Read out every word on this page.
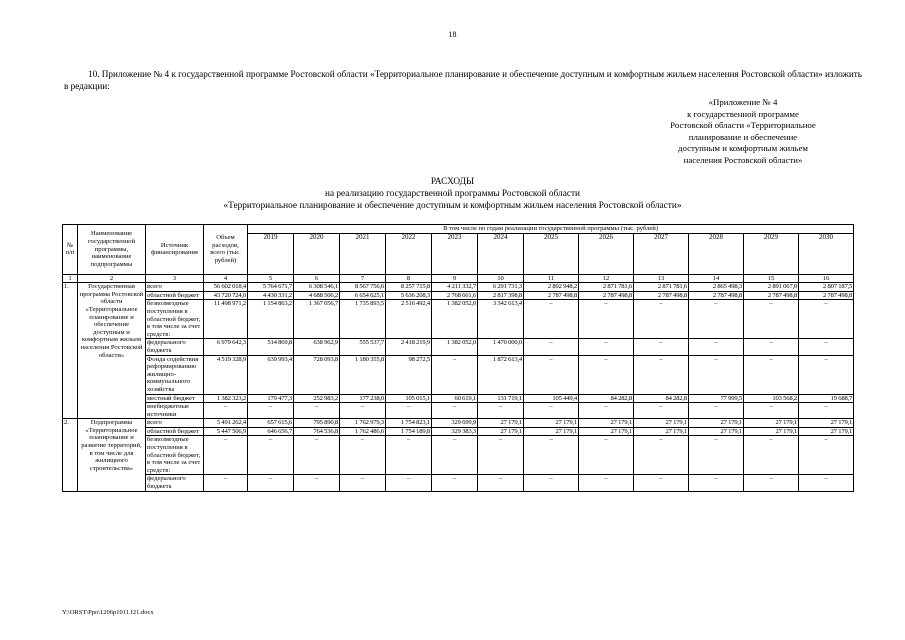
18
10. Приложение № 4 к государственной программе Ростовской области «Территориальное планирование и обеспечение доступным и комфортным жильем населения Ростовской области» изложить в редакции:
«Приложение № 4
к государственной программе
Ростовской области «Территориальное
планирование и обеспечение
доступным и комфортным жильем
населения Ростовской области»
РАСХОДЫ
на реализацию государственной программы Ростовской области
«Территориальное планирование и обеспечение доступным и комфортным жильем населения Ростовской области»
№ п/п	Наименование государственной программы, наименование подпрограммы	Источник финансирования	Объем расходов, всего (тыс. рублей)	В том числе по годам реализации государственной программы (тыс. рублей)											
				2019	2020	2021	2022	2023	2024	2025	2026	2027	2028	2029	2030
1	2	3	4	5	6	7	8	9	10	11	12	13	14	15	16
1.	Государственная программа Ростовской области «Территориальное планирование и обеспечение доступным и комфортным жильем населения Ростовской области»	всего	56 602 018,4	5 764 671,7	6 308 546,1	8 567 756,6	8 257 715,8	4 211 332,7	6 291 731,3	2 892 948,2	2 871 781,6	2 871 781,6	2 865 498,3	2 891 067,0	2 807 187,5
		областной бюджет	43 720 724,0	4 430 331,2	4 688 506,2	6 654 625,1	5 636 208,3	2 768 661,6	2 817 398,8	2 787 498,8	2 787 498,8	2 787 498,8	2 787 498,8	2 787 498,8	2 787 498,8
		безвозмездные поступления в областной бюджет, в том числе за счет средств:	11 498 971,2	1 154 863,2	1 367 056,7	1 735 893,5	2 516 492,4	1 382 052,0	3 342 613,4	–	–	–	–	–	–
		федерального бюджета	6 979 642,3	514 869,8	638 962,9	555 537,7	2 418 219,9	1 382 052,0	1 470 000,0	–	–	–	–	–	–
		Фонда содействия реформированию жилищно-коммунального хозяйства	4 519 328,9	639 993,4	728 093,8	1 180 355,8	98 272,5	–	1 872 613,4	–	–	–	–	–	–
		местный бюджет	1 382 323,2	179 477,3	252 983,2	177 238,0	105 015,1	60 619,1	131 719,1	105 449,4	84 282,8	84 282,8	77 999,5	103 568,2	19 688,7
		внебюджетные источники	–	–	–	–	–	–	–	–	–	–	–	–	–
2.	Подпрограмма «Территориальное планирование и развитие территорий, в том числе для жилищного строительства»	всего	5 491 262,4	657 615,6	795 890,8	1 762 979,3	1 754 823,1	329 699,9	27 179,1	27 179,1	27 179,1	27 179,1	27 179,1	27 179,1	27 179,1
		областной бюджет	5 447 506,9	646 656,7	764 536,8	1 762 486,6	1 754 189,8	329 383,3	27 179,1	27 179,1	27 179,1	27 179,1	27 179,1	27 179,1	27 179,1
		безвозмездные поступления в областной бюджет, в том числе за счет средств:	–	–	–	–	–	–	–	–	–	–	–	–	–
		федерального бюджета	–	–	–	–	–	–	–	–	–	–	–	–	–
Y:\ORST\Ppo\1206p1011.f21.docx
